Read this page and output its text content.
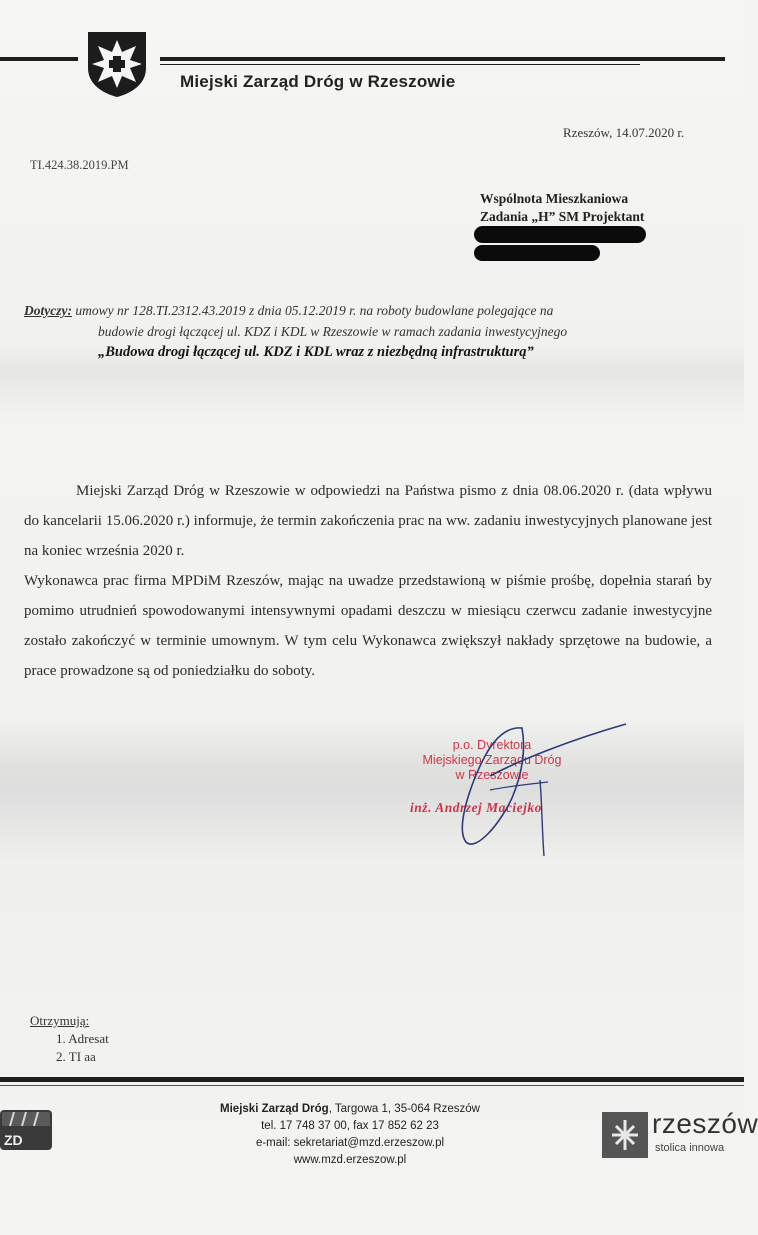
Miejski Zarząd Dróg w Rzeszowie
Rzeszów, 14.07.2020 r.
TI.424.38.2019.PM
Wspólnota Mieszkaniowa
Zadania „H” SM Projektant
Dotyczy: umowy nr 128.TI.2312.43.2019 z dnia 05.12.2019 r. na roboty budowlane polegające na
budowie drogi łączącej ul. KDZ i KDL w Rzeszowie w ramach zadania inwestycyjnego
„Budowa drogi łączącej ul. KDZ i KDL wraz z niezbędną infrastrukturą”

Miejski Zarząd Dróg w Rzeszowie w odpowiedzi na Państwa pismo z dnia 08.06.2020 r. (data wpływu do kancelarii 15.06.2020 r.) informuje, że termin zakończenia prac na ww. zadaniu inwestycyjnych planowane jest na koniec września 2020 r.

Wykonawca prac firma MPDiM Rzeszów, mając na uwadze przedstawioną w piśmie prośbę, dopełnia starań by pomimo utrudnień spowodowanymi intensywnymi opadami deszczu w miesiącu czerwcu zadanie inwestycyjne zostało zakończyć w terminie umownym. W tym celu Wykonawca zwiększył nakłady sprzętowe na budowie, a prace prowadzone są od poniedziałku do soboty.

p.o. Dyrektora
Miejskiego Zarządu Dróg
w Rzeszowie
inż. Andrzej Maciejko
Otrzymują:
1. Adresat
2. TI aa
ZD
Miejski Zarząd Dróg, Targowa 1, 35-064 Rzeszów
tel. 17 748 37 00, fax 17 852 62 23
e-mail: sekretariat@mzd.erzeszow.pl
www.mzd.erzeszow.pl
rzeszów
stolica innowa
